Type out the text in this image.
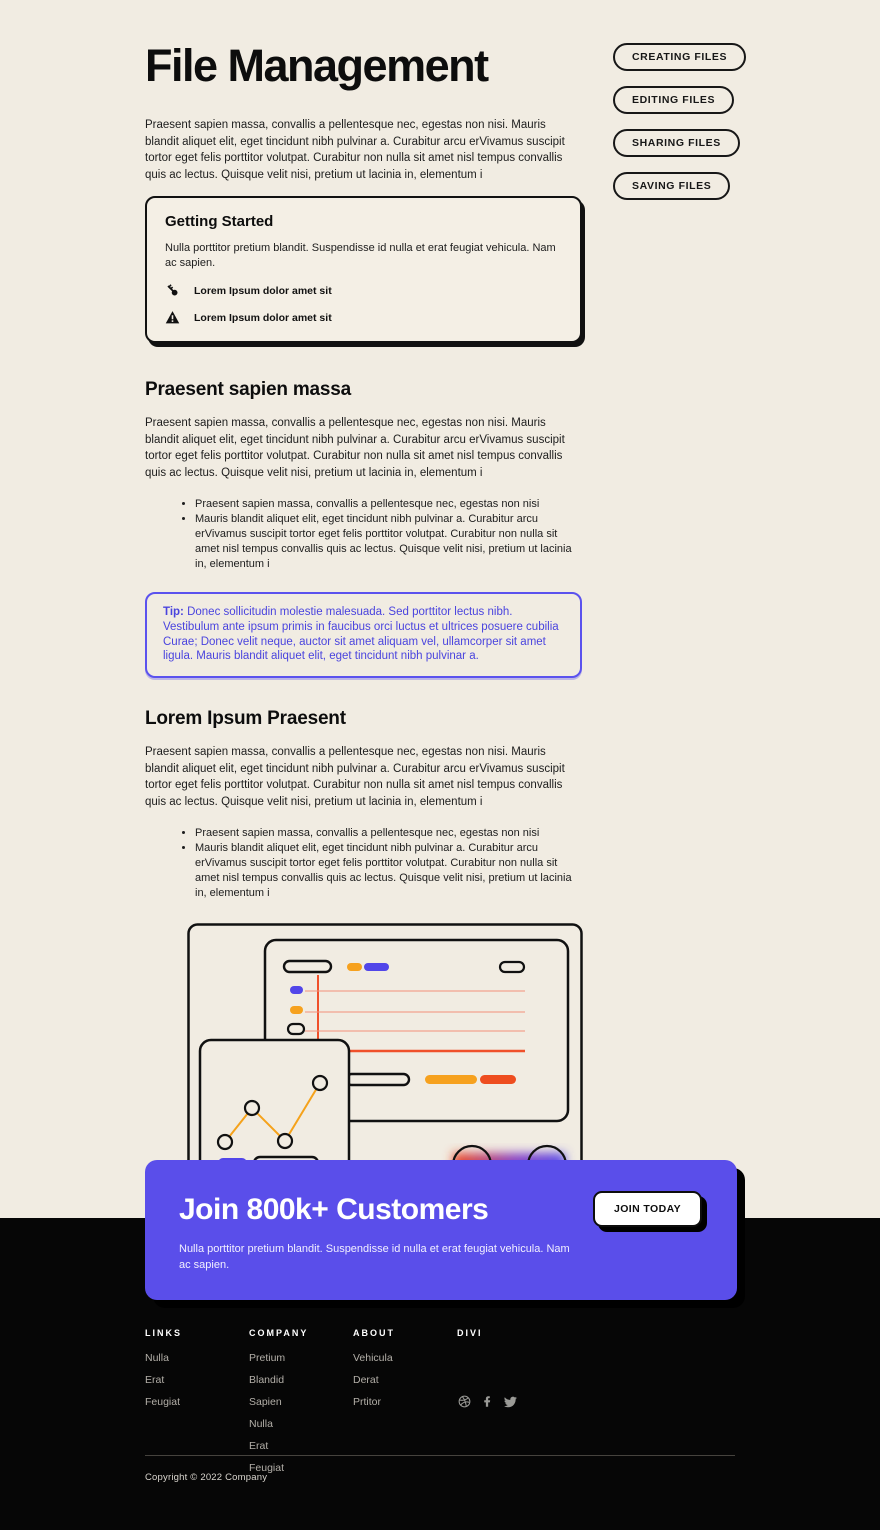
CREATING FILES
EDITING FILES
SHARING FILES
SAVING FILES
File Management

Praesent sapien massa, convallis a pellentesque nec, egestas non nisi. Mauris blandit aliquet elit, eget tincidunt nibh pulvinar a. Curabitur arcu erVivamus suscipit tortor eget felis porttitor volutpat. Curabitur non nulla sit amet nisl tempus convallis quis ac lectus. Quisque velit nisi, pretium ut lacinia in, elementum i

Getting Started

Nulla porttitor pretium blandit. Suspendisse id nulla et erat feugiat vehicula. Nam ac sapien.

Lorem Ipsum dolor amet sit
Lorem Ipsum dolor amet sit
Praesent sapien massa

Praesent sapien massa, convallis a pellentesque nec, egestas non nisi. Mauris blandit aliquet elit, eget tincidunt nibh pulvinar a. Curabitur arcu erVivamus suscipit tortor eget felis porttitor volutpat. Curabitur non nulla sit amet nisl tempus convallis quis ac lectus. Quisque velit nisi, pretium ut lacinia in, elementum i

• Praesent sapien massa, convallis a pellentesque nec, egestas non nisi
• Mauris blandit aliquet elit, eget tincidunt nibh pulvinar a. Curabitur arcu erVivamus suscipit tortor eget felis porttitor volutpat. Curabitur non nulla sit amet nisl tempus convallis quis ac lectus. Quisque velit nisi, pretium ut lacinia in, elementum i
Tip: Donec sollicitudin molestie malesuada. Sed porttitor lectus nibh. Vestibulum ante ipsum primis in faucibus orci luctus et ultrices posuere cubilia Curae; Donec velit neque, auctor sit amet aliquam vel, ullamcorper sit amet ligula. Mauris blandit aliquet elit, eget tincidunt nibh pulvinar a.
Lorem Ipsum Praesent

Praesent sapien massa, convallis a pellentesque nec, egestas non nisi. Mauris blandit aliquet elit, eget tincidunt nibh pulvinar a. Curabitur arcu erVivamus suscipit tortor eget felis porttitor volutpat. Curabitur non nulla sit amet nisl tempus convallis quis ac lectus. Quisque velit nisi, pretium ut lacinia in, elementum i

• Praesent sapien massa, convallis a pellentesque nec, egestas non nisi
• Mauris blandit aliquet elit, eget tincidunt nibh pulvinar a. Curabitur arcu erVivamus suscipit tortor eget felis porttitor volutpat. Curabitur non nulla sit amet nisl tempus convallis quis ac lectus. Quisque velit nisi, pretium ut lacinia in, elementum i
Join 800k+ Customers

Nulla porttitor pretium blandit. Suspendisse id nulla et erat feugiat vehicula. Nam ac sapien.

JOIN TODAY
LINKS
Nulla
Erat
Feugiat
COMPANY
Pretium
Blandid
Sapien
Nulla
Erat
Feugiat
ABOUT
Vehicula
Derat
Prtitor
DIVI
Copyright © 2022 Company
